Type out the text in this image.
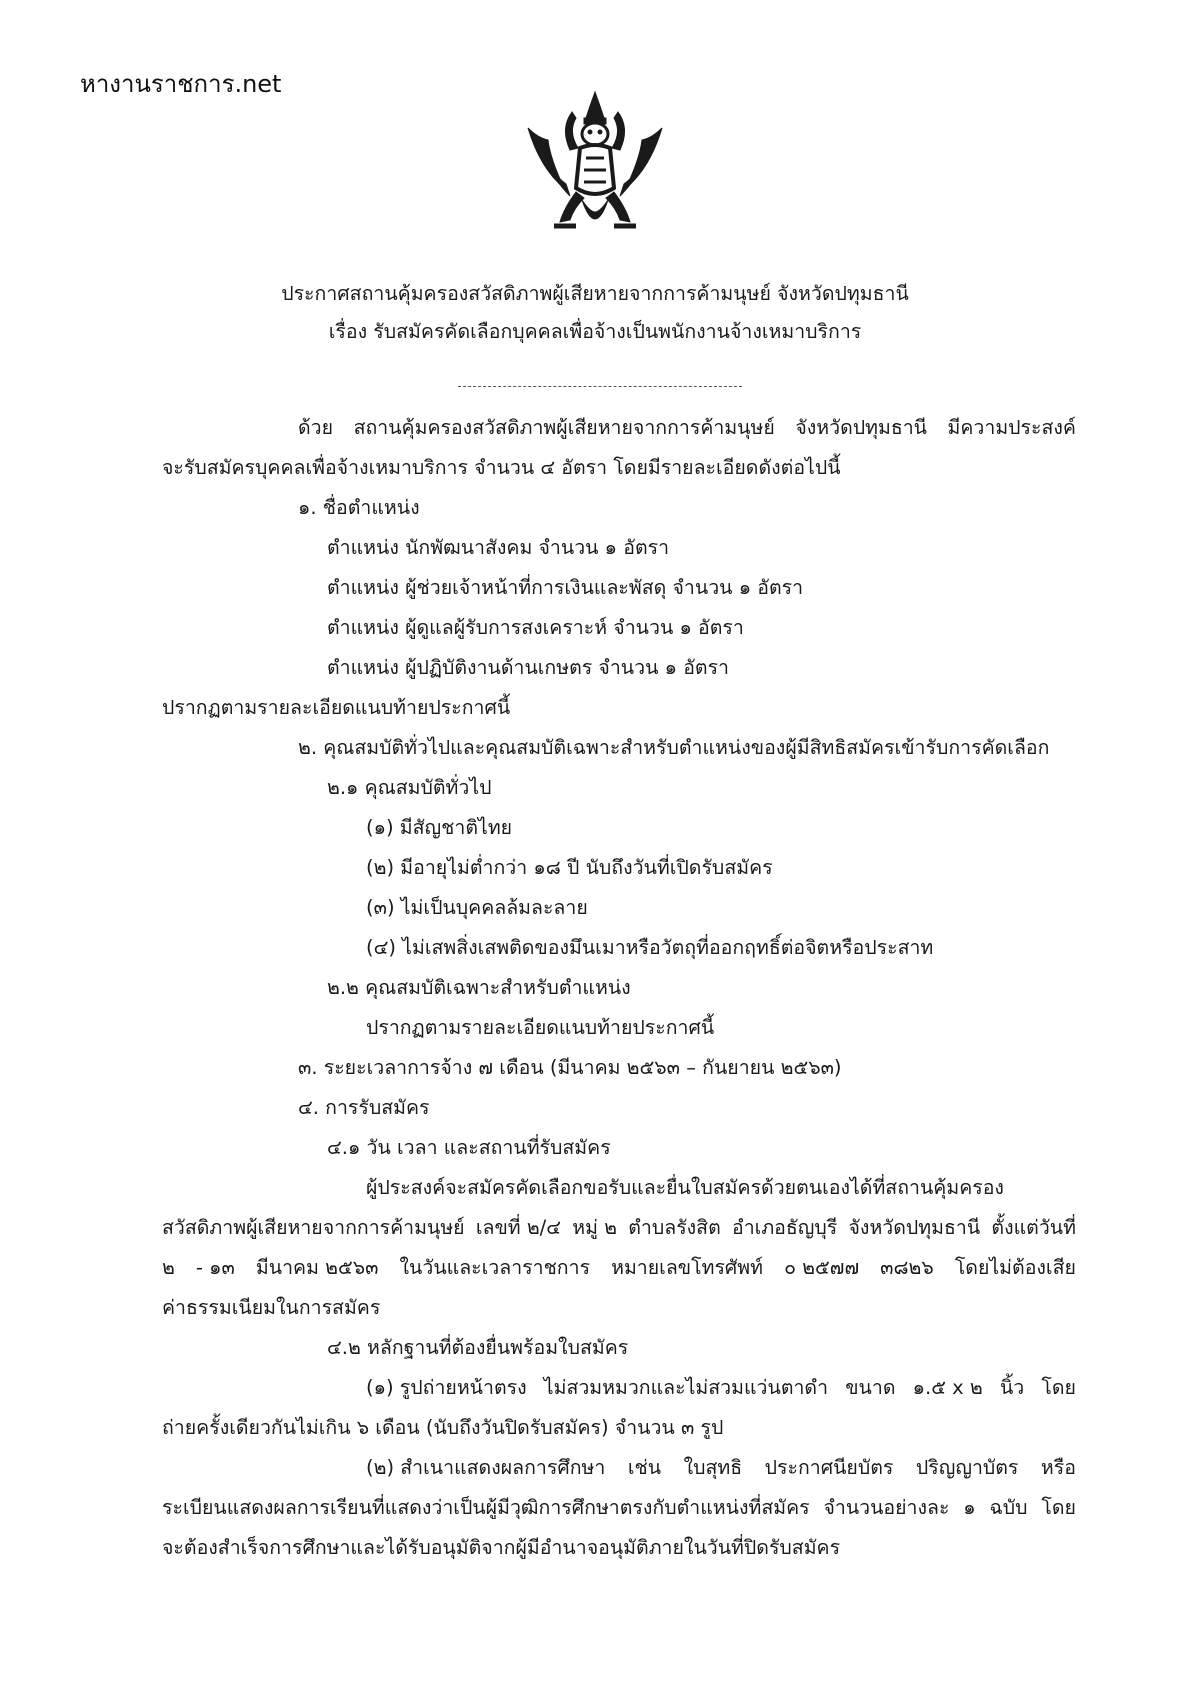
หางานราชการ.net
ประกาศสถานคุ้มครองสวัสดิภาพผู้เสียหายจากการค้ามนุษย์ จังหวัดปทุมธานี
เรื่อง รับสมัครคัดเลือกบุคคลเพื่อจ้างเป็นพนักงานจ้างเหมาบริการ
ด้วย สถานคุ้มครองสวัสดิภาพผู้เสียหายจากการค้ามนุษย์ จังหวัดปทุมธานี มีความประสงค์
จะรับสมัครบุคคลเพื่อจ้างเหมาบริการ จำนวน ๔ อัตรา โดยมีรายละเอียดดังต่อไปนี้
๑. ชื่อตำแหน่ง
ตำแหน่ง นักพัฒนาสังคม จำนวน ๑ อัตรา
ตำแหน่ง ผู้ช่วยเจ้าหน้าที่การเงินและพัสดุ จำนวน ๑ อัตรา
ตำแหน่ง ผู้ดูแลผู้รับการสงเคราะห์ จำนวน ๑ อัตรา
ตำแหน่ง ผู้ปฏิบัติงานด้านเกษตร จำนวน ๑ อัตรา
ปรากฏตามรายละเอียดแนบท้ายประกาศนี้
๒. คุณสมบัติทั่วไปและคุณสมบัติเฉพาะสำหรับตำแหน่งของผู้มีสิทธิสมัครเข้ารับการคัดเลือก
๒.๑ คุณสมบัติทั่วไป
(๑) มีสัญชาติไทย
(๒) มีอายุไม่ต่ำกว่า ๑๘ ปี นับถึงวันที่เปิดรับสมัคร
(๓) ไม่เป็นบุคคลล้มละลาย
(๔) ไม่เสพสิ่งเสพติดของมึนเมาหรือวัตถุที่ออกฤทธิ์ต่อจิตหรือประสาท
๒.๒ คุณสมบัติเฉพาะสำหรับตำแหน่ง
ปรากฏตามรายละเอียดแนบท้ายประกาศนี้
๓. ระยะเวลาการจ้าง ๗ เดือน (มีนาคม ๒๕๖๓ – กันยายน ๒๕๖๓)
๔. การรับสมัคร
๔.๑ วัน เวลา และสถานที่รับสมัคร
ผู้ประสงค์จะสมัครคัดเลือกขอรับและยื่นใบสมัครด้วยตนเองได้ที่สถานคุ้มครอง
สวัสดิภาพผู้เสียหายจากการค้ามนุษย์ เลขที่ ๒/๔ หมู่ ๒ ตำบลรังสิต อำเภอธัญบุรี จังหวัดปทุมธานี ตั้งแต่วันที่
๒ - ๑๓ มีนาคม ๒๕๖๓ ในวันและเวลาราชการ หมายเลขโทรศัพท์ ๐ ๒๕๗๗ ๓๘๒๖ โดยไม่ต้องเสีย
ค่าธรรมเนียมในการสมัคร
๔.๒ หลักฐานที่ต้องยื่นพร้อมใบสมัคร
(๑) รูปถ่ายหน้าตรง ไม่สวมหมวกและไม่สวมแว่นตาดำ ขนาด ๑.๕ x ๒ นิ้ว โดย
ถ่ายครั้งเดียวกันไม่เกิน ๖ เดือน (นับถึงวันปิดรับสมัคร) จำนวน ๓ รูป
(๒) สำเนาแสดงผลการศึกษา เช่น ใบสุทธิ ประกาศนียบัตร ปริญญาบัตร หรือ
ระเบียนแสดงผลการเรียนที่แสดงว่าเป็นผู้มีวุฒิการศึกษาตรงกับตำแหน่งที่สมัคร จำนวนอย่างละ ๑ ฉบับ โดย
จะต้องสำเร็จการศึกษาและได้รับอนุมัติจากผู้มีอำนาจอนุมัติภายในวันที่ปิดรับสมัคร
